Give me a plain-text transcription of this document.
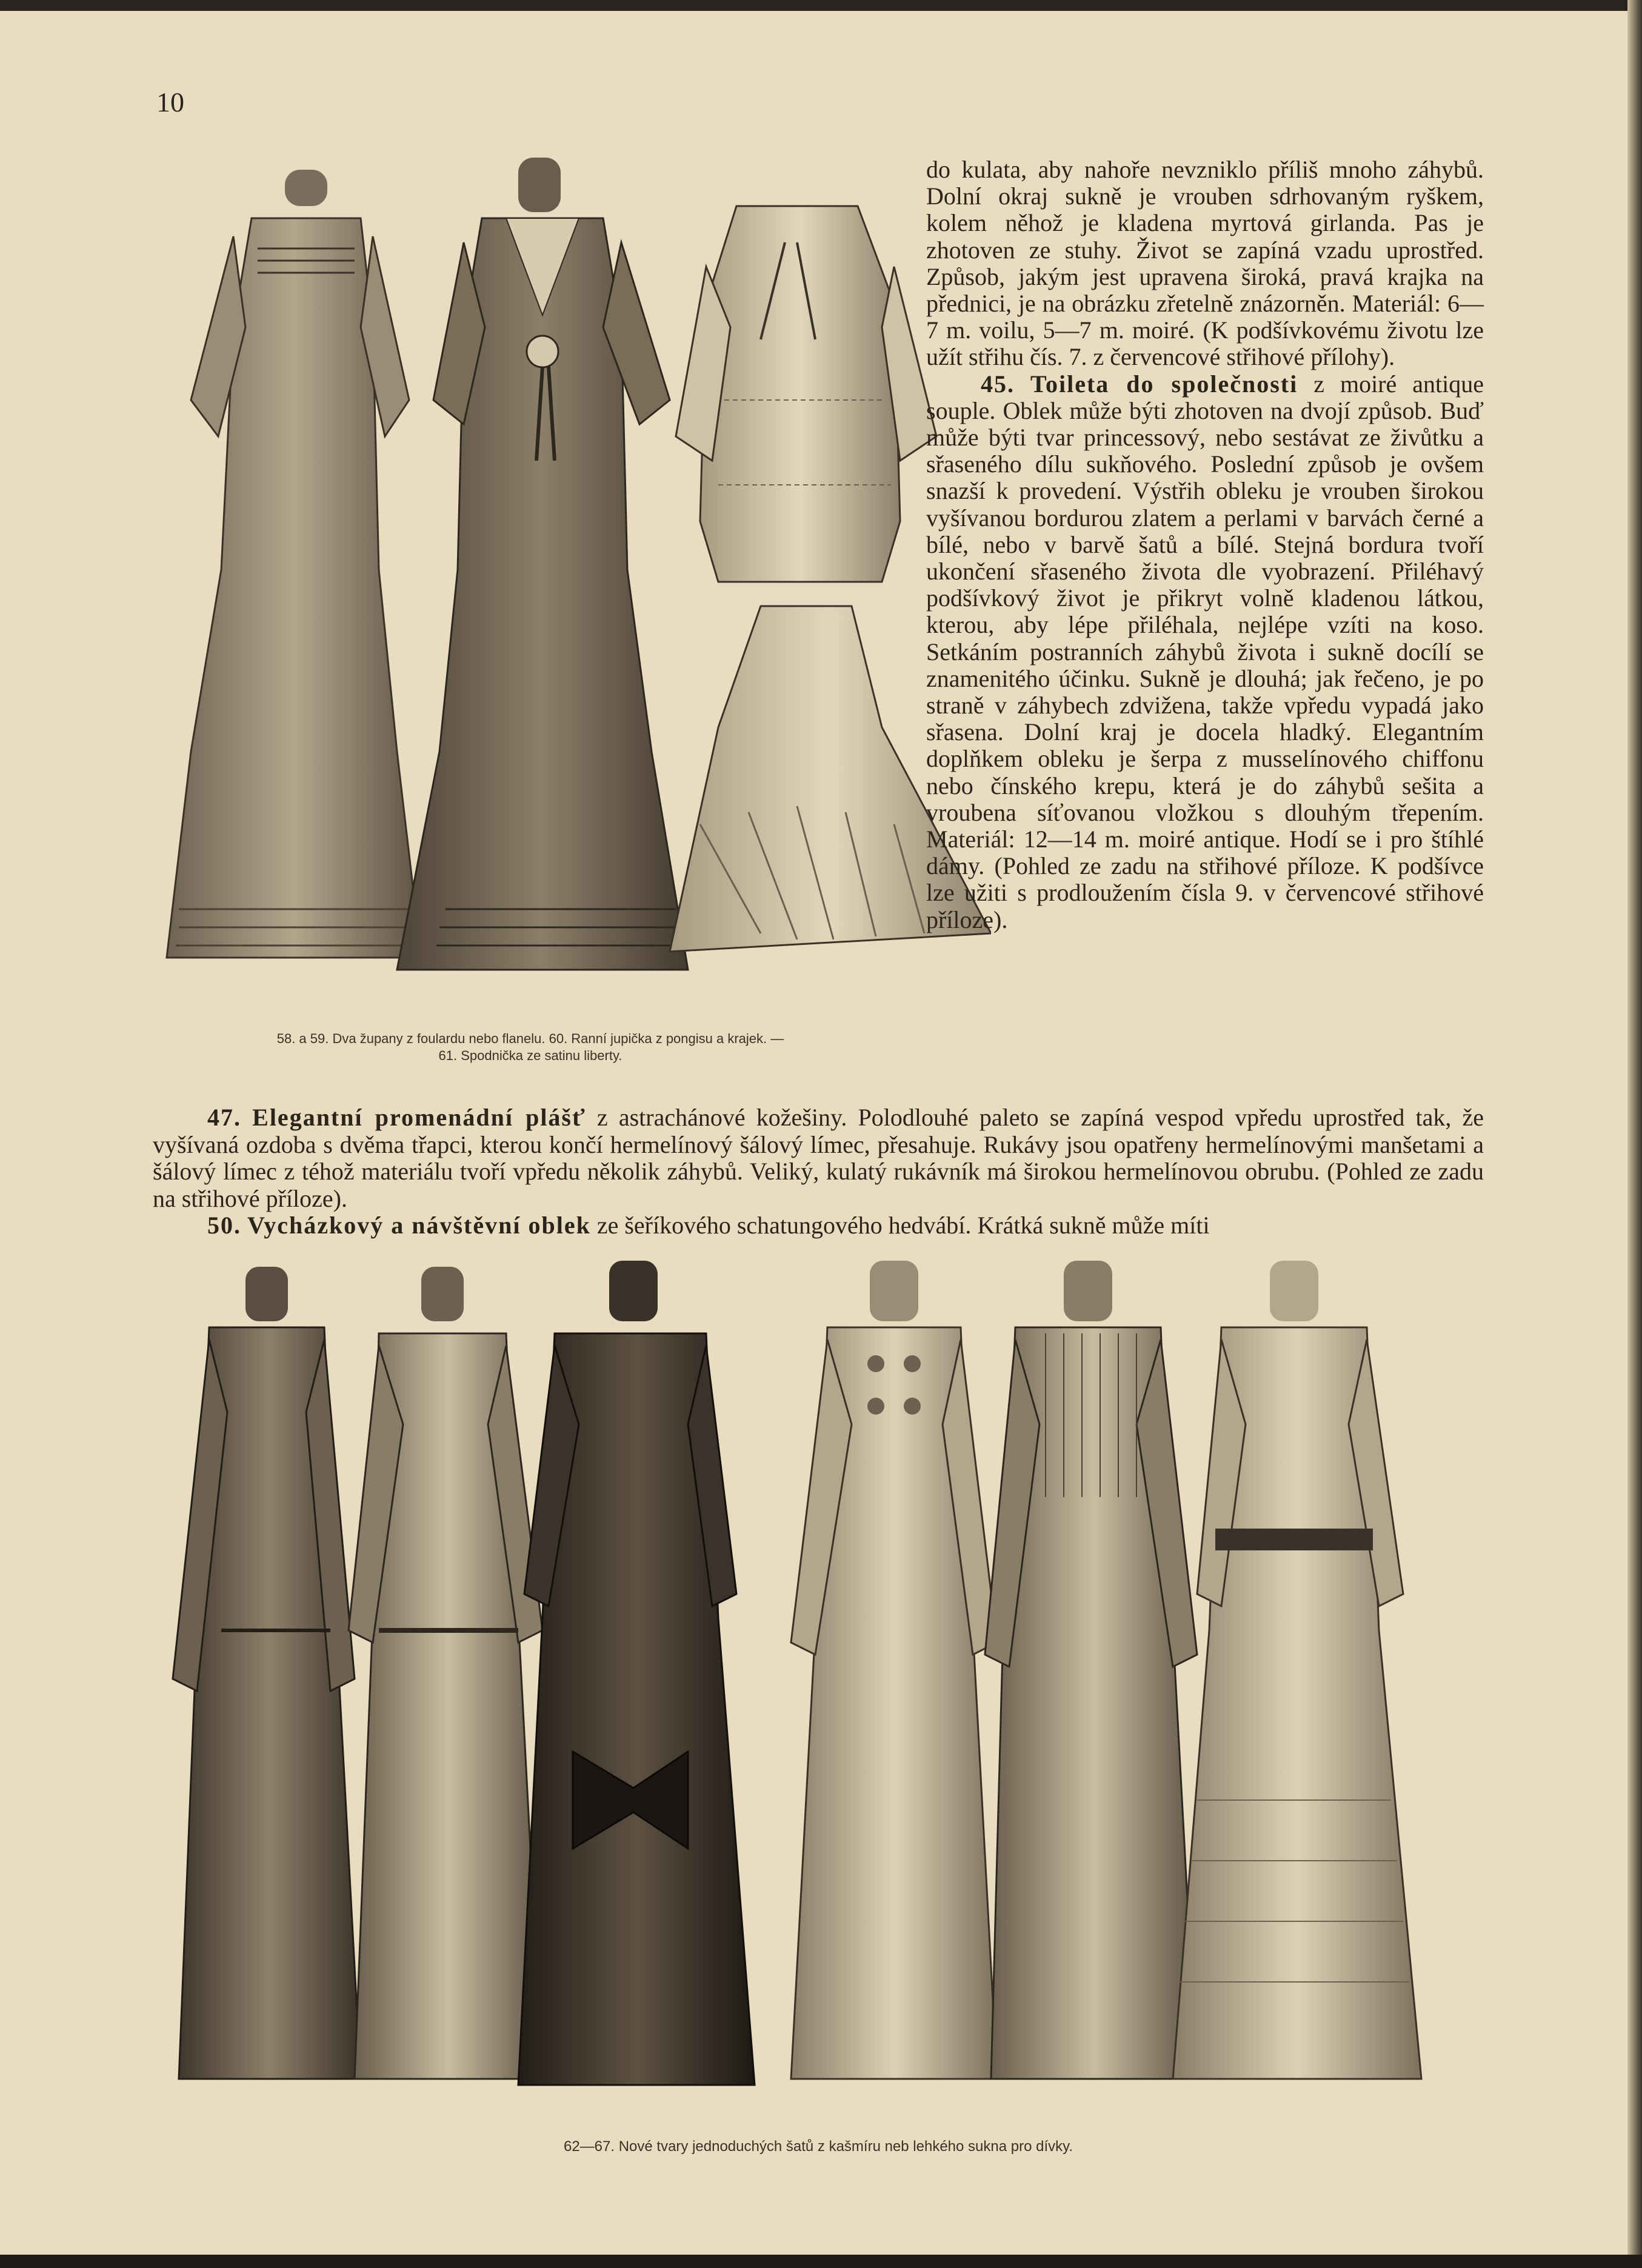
10
58. a 59. Dva župany z foulardu nebo flanelu. 60. Ranní jupička z pongisu a krajek. —
61. Spodnička ze satinu liberty.

do kulata, aby nahoře nevzniklo příliš mnoho záhybů. Dolní okraj sukně je vrouben sdrhovaným ryškem, kolem něhož je kladena myrtová girlanda. Pas je zhotoven ze stuhy. Život se zapíná vzadu uprostřed. Způsob, jakým jest upravena široká, pravá krajka na přednici, je na obrázku zřetelně znázorněn. Materiál: 6—7 m. voilu, 5—7 m. moiré. (K podšívkovému životu lze užít střihu čís. 7. z červencové střihové přílohy).

45. Toileta do společnosti z moiré antique souple. Oblek může býti zhotoven na dvojí způsob. Buď může býti tvar princessový, nebo sestávat ze živůtku a sřaseného dílu sukňového. Poslední způsob je ovšem snazší k provedení. Výstřih obleku je vrouben širokou vyšívanou bordurou zlatem a perlami v barvách černé a bílé, nebo v barvě šatů a bílé. Stejná bordura tvoří ukončení sřaseného života dle vyobrazení. Přiléhavý podšívkový život je přikryt volně kladenou látkou, kterou, aby lépe přiléhala, nejlépe vzíti na koso. Setkáním postranních záhybů života i sukně docílí se znamenitého účinku. Sukně je dlouhá; jak řečeno, je po straně v záhybech zdvižena, takže vpředu vypadá jako sřasena. Dolní kraj je docela hladký. Elegantním doplňkem obleku je šerpa z musselínového chiffonu nebo čínského krepu, která je do záhybů sešita a vroubena síťovanou vložkou s dlouhým třepením. Materiál: 12—14 m. moiré antique. Hodí se i pro štíhlé dámy. (Pohled ze zadu na střihové příloze. K podšívce lze užiti s prodloužením čísla 9. v červencové střihové příloze).

47. Elegantní promenádní plášť z astrachánové kožešiny. Polodlouhé paleto se zapíná vespod vpředu uprostřed tak, že vyšívaná ozdoba s dvěma třapci, kterou končí hermelínový šálový límec, přesahuje. Rukávy jsou opatřeny hermelínovými manšetami a šálový límec z téhož materiálu tvoří vpředu několik záhybů. Veliký, kulatý rukávník má širokou hermelínovou obrubu. (Pohled ze zadu na střihové příloze).

50. Vycházkový a návštěvní oblek ze šeříkového schatungového hedvábí. Krátká sukně může míti

62—67. Nové tvary jednoduchých šatů z kašmíru neb lehkého sukna pro dívky.
